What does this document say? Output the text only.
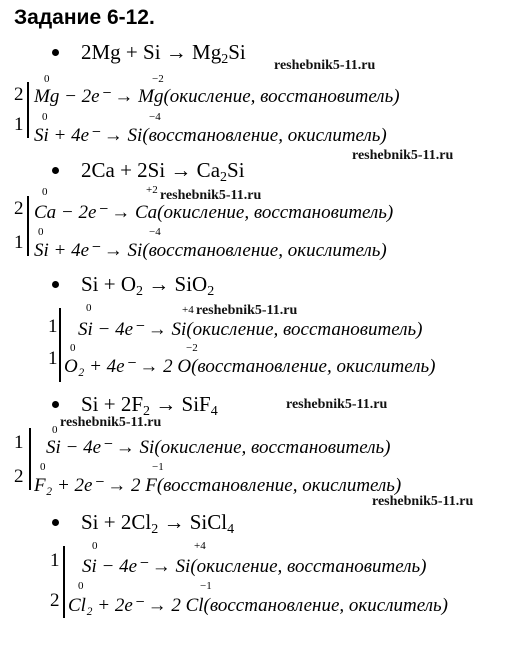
Задание 6-12.
$2Mg + Si \to Mg_2Si$
reshebnik5-11.ru
2
0	−2
Mg − 2e⁻ → Mg(окисление, восстановитель)
1 0	−4
Si + 4e⁻ → Si(восстановление, окислитель)
reshebnik5-11.ru
$2Ca + 2Si \to Ca_2Si$
reshebnik5-11.ru
2
0	+2
Ca − 2e⁻ → Ca(окисление, восстановитель)
1 0	−4
Si + 4e⁻ → Si(восстановление, окислитель)
$Si + O_2 \to SiO_2$
reshebnik5-11.ru
1
0	+4
Si − 4e⁻ → Si(окисление, восстановитель)
1 0	−2
O₂ + 4e⁻ → 2 O(восстановление, окислитель)
$Si + 2F_2 \to SiF_4$	reshebnik5-11.ru
reshebnik5-11.ru
1
0
Si − 4e⁻ → Si(окисление, восстановитель)
2 0	−1
F₂ + 2e⁻ → 2 F(восстановление, окислитель)
reshebnik5-11.ru
$Si + 2Cl_2$ → SiCl$_4$
1
0	+4
Si − 4e⁻ → Si(окисление, восстановитель)
2
0	−1
Cl₂ + 2e⁻ → 2 Cl(восстановление, окислитель)
